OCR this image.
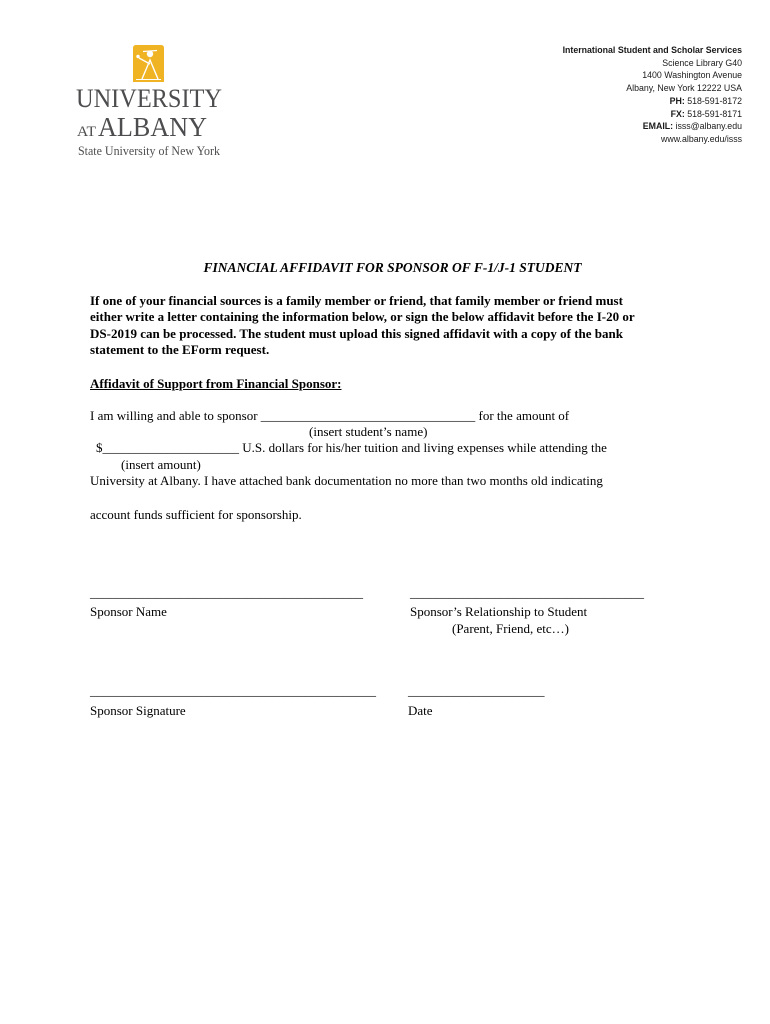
UNIVERSITY
AT ALBANY
State University of New York
International Student and Scholar Services
Science Library G40
1400 Washington Avenue
Albany, New York 12222 USA
PH: 518-591-8172
FX: 518-591-8171
EMAIL: isss@albany.edu
www.albany.edu/isss
FINANCIAL AFFIDAVIT FOR SPONSOR OF F-1/J-1 STUDENT
If one of your financial sources is a family member or friend, that family member or friend must
either write a letter containing the information below, or sign the below affidavit before the I-20 or
DS-2019 can be processed. The student must upload this signed affidavit with a copy of the bank
statement to the EForm request.
Affidavit of Support from Financial Sponsor:
I am willing and able to sponsor _________________________________ for the amount of
(insert student’s name)
$_____________________ U.S. dollars for his/her tuition and living expenses while attending the
(insert amount)
University at Albany. I have attached bank documentation no more than two months old indicating
account funds sufficient for sponsorship.
__________________________________________	____________________________________
Sponsor Name	Sponsor’s Relationship to Student
(Parent, Friend, etc…)
____________________________________________ _____________________
Sponsor Signature	Date
